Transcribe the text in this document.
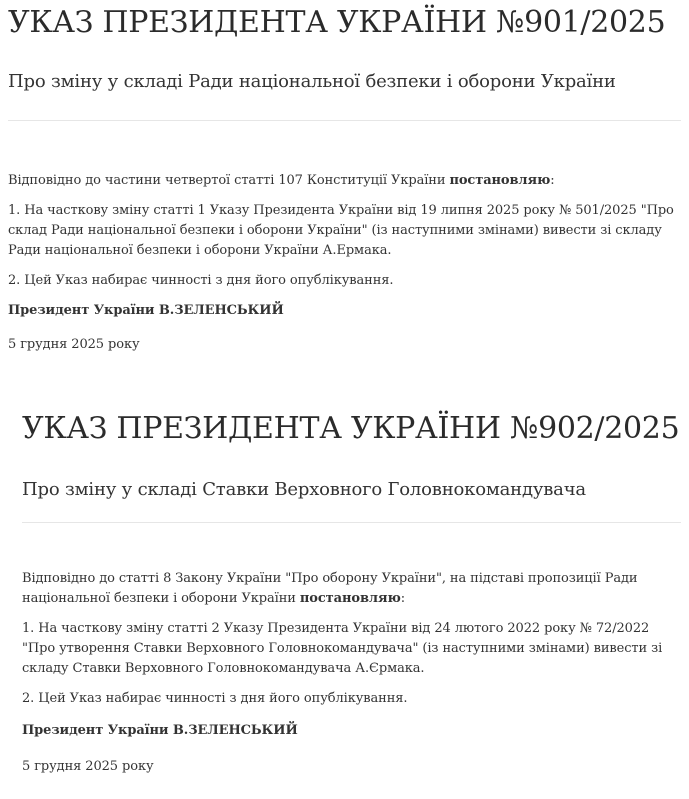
УКАЗ ПРЕЗИДЕНТА УКРАЇНИ №901/2025
Про зміну у складі Ради національної безпеки і оборони України

Відповідно до частини четвертої статті 107 Конституції України постановляю:

1. На часткову зміну статті 1 Указу Президента України від 19 липня 2025 року № 501/2025 "Про склад Ради національної безпеки і оборони України" (із наступними змінами) вивести зі складу Ради національної безпеки і оборони України А.Ермака.

2. Цей Указ набирає чинності з дня його опублікування.

Президент України В.ЗЕЛЕНСЬКИЙ

5 грудня 2025 року

УКАЗ ПРЕЗИДЕНТА УКРАЇНИ №902/2025
Про зміну у складі Ставки Верховного Головнокомандувача

Відповідно до статті 8 Закону України "Про оборону України", на підставі пропозиції Ради національної безпеки і оборони України постановляю:

1. На часткову зміну статті 2 Указу Президента України від 24 лютого 2022 року № 72/2022 "Про утворення Ставки Верховного Головнокомандувача" (із наступними змінами) вивести зі складу Ставки Верховного Головнокомандувача А.Єрмака.

2. Цей Указ набирає чинності з дня його опублікування.

Президент України В.ЗЕЛЕНСЬКИЙ

5 грудня 2025 року
